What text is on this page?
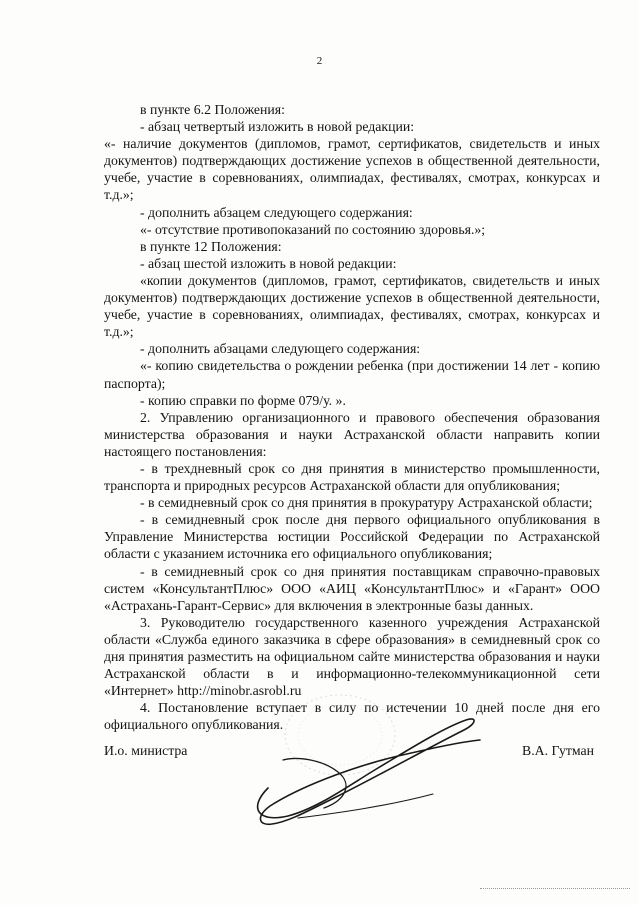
2

в пункте 6.2 Положения:

- абзац четвертый изложить в новой редакции:

«- наличие документов (дипломов, грамот, сертификатов, свидетельств и иных документов) подтверждающих достижение успехов в общественной деятельности, учебе, участие в соревнованиях, олимпиадах, фестивалях, смотрах, конкурсах и т.д.»;

- дополнить абзацем следующего содержания:

«- отсутствие противопоказаний по состоянию здоровья.»;

в пункте 12 Положения:

- абзац шестой изложить в новой редакции:

«копии документов (дипломов, грамот, сертификатов, свидетельств и иных документов) подтверждающих достижение успехов в общественной деятельности, учебе, участие в соревнованиях, олимпиадах, фестивалях, смотрах, конкурсах и т.д.»;

- дополнить абзацами следующего содержания:

«- копию свидетельства о рождении ребенка (при достижении 14 лет - копию паспорта);

- копию справки по форме 079/у. ».

2. Управлению организационного и правового обеспечения образования министерства образования и науки Астраханской области направить копии настоящего постановления:

- в трехдневный срок со дня принятия в министерство промышленности, транспорта и природных ресурсов Астраханской области для опубликования;

- в семидневный срок со дня принятия в прокуратуру Астраханской области;

- в семидневный срок после дня первого официального опубликования в Управление Министерства юстиции Российской Федерации по Астраханской области с указанием источника его официального опубликования;

- в семидневный срок со дня принятия поставщикам справочно-правовых систем «КонсультантПлюс» ООО «АИЦ «КонсультантПлюс» и «Гарант» ООО «Астрахань-Гарант-Сервис» для включения в электронные базы данных.

3. Руководителю государственного казенного учреждения Астраханской области «Служба единого заказчика в сфере образования» в семидневный срок со дня принятия разместить на официальном сайте министерства образования и науки Астраханской области в и информационно-телекоммуникационной сети «Интернет» http://minobr.asrobl.ru

4. Постановление вступает в силу по истечении 10 дней после дня его официального опубликования.

И.о. министра	В.А. Гутман
